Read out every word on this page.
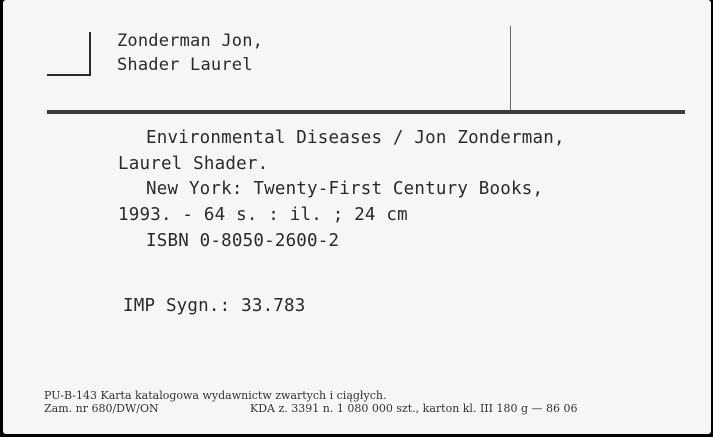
Zonderman Jon,
Shader Laurel
Environmental Diseases / Jon Zonderman,
Laurel Shader.
New York: Twenty-First Century Books,
1993. - 64 s. : il. ; 24 cm
ISBN 0-8050-2600-2
IMP Sygn.: 33.783
PU-B-143 Karta katalogowa wydawnictw zwartych i ciągłych.
Zam. nr 680/DW/ON	KDA z. 3391 n. 1 080 000 szt., karton kl. III 180 g — 86 06
